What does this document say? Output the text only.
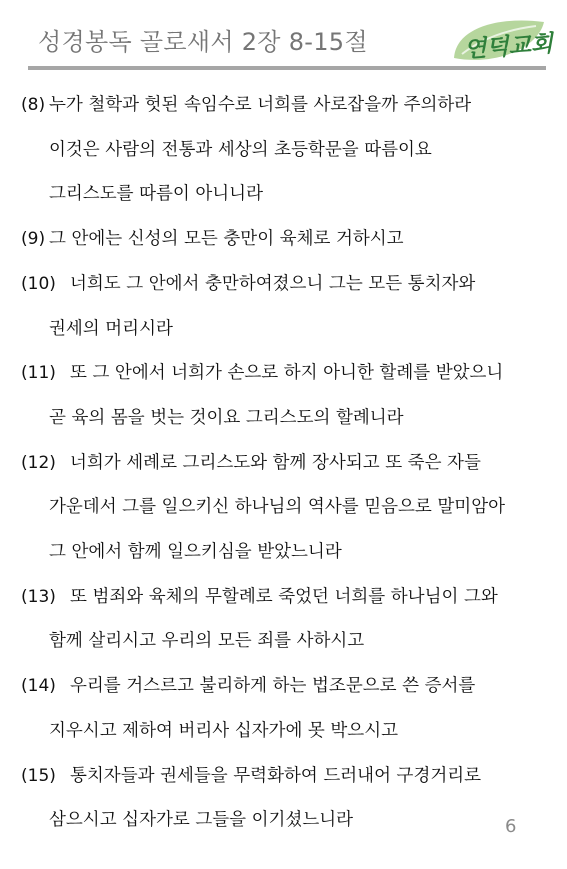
성경봉독 골로새서 2장 8-15절	연덕교회
(8) 누가 철학과 헛된 속임수로 너희를 사로잡을까 주의하라
이것은 사람의 전통과 세상의 초등학문을 따름이요
그리스도를 따름이 아니니라
(9) 그 안에는 신성의 모든 충만이 육체로 거하시고
(10) 너희도 그 안에서 충만하여졌으니 그는 모든 통치자와
권세의 머리시라
(11) 또 그 안에서 너희가 손으로 하지 아니한 할례를 받았으니
곧 육의 몸을 벗는 것이요 그리스도의 할례니라
(12) 너희가 세례로 그리스도와 함께 장사되고 또 죽은 자들
가운데서 그를 일으키신 하나님의 역사를 믿음으로 말미암아
그 안에서 함께 일으키심을 받았느니라
(13) 또 범죄와 육체의 무할례로 죽었던 너희를 하나님이 그와
함께 살리시고 우리의 모든 죄를 사하시고
(14) 우리를 거스르고 불리하게 하는 법조문으로 쓴 증서를
지우시고 제하여 버리사 십자가에 못 박으시고
(15) 통치자들과 권세들을 무력화하여 드러내어 구경거리로
삼으시고 십자가로 그들을 이기셨느니라	6
